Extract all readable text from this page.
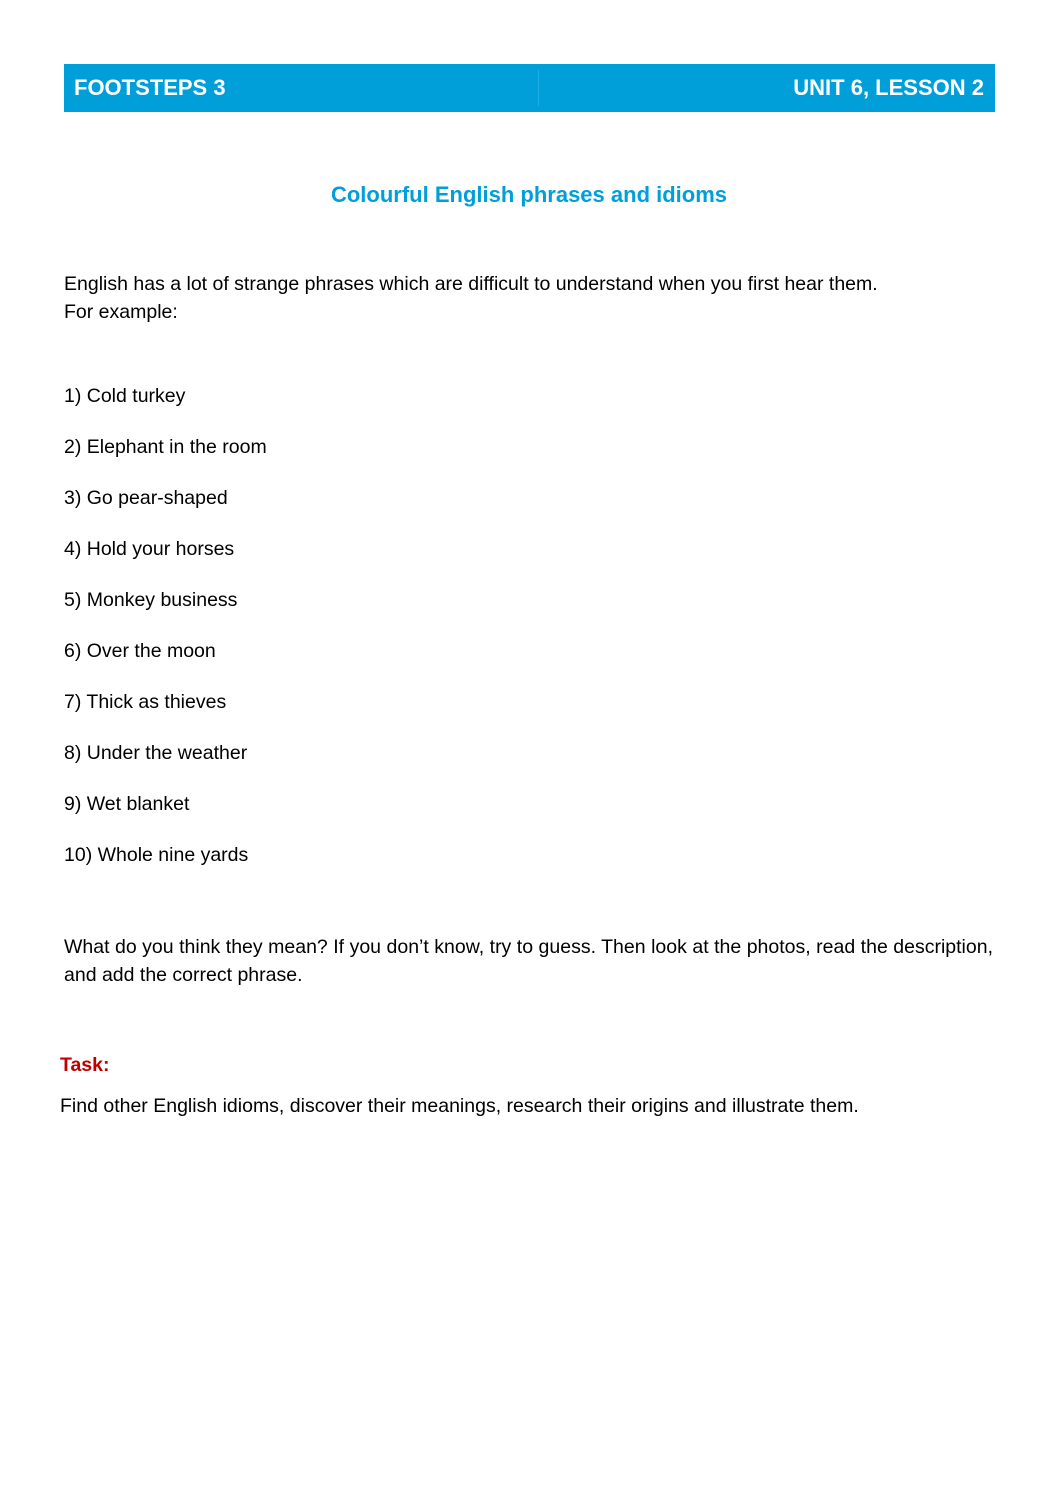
FOOTSTEPS 3	UNIT 6, LESSON 2
Colourful English phrases and idioms

English has a lot of strange phrases which are difficult to understand when you first hear them.

For example:

1) Cold turkey
2) Elephant in the room
3) Go pear-shaped
4) Hold your horses
5) Monkey business
6) Over the moon
7) Thick as thieves
8) Under the weather
9) Wet blanket
10) Whole nine yards
What do you think they mean? If you don’t know, try to guess. Then look at the photos, read the description, and add the correct phrase.
Task:
Find other English idioms, discover their meanings, research their origins and illustrate them.
